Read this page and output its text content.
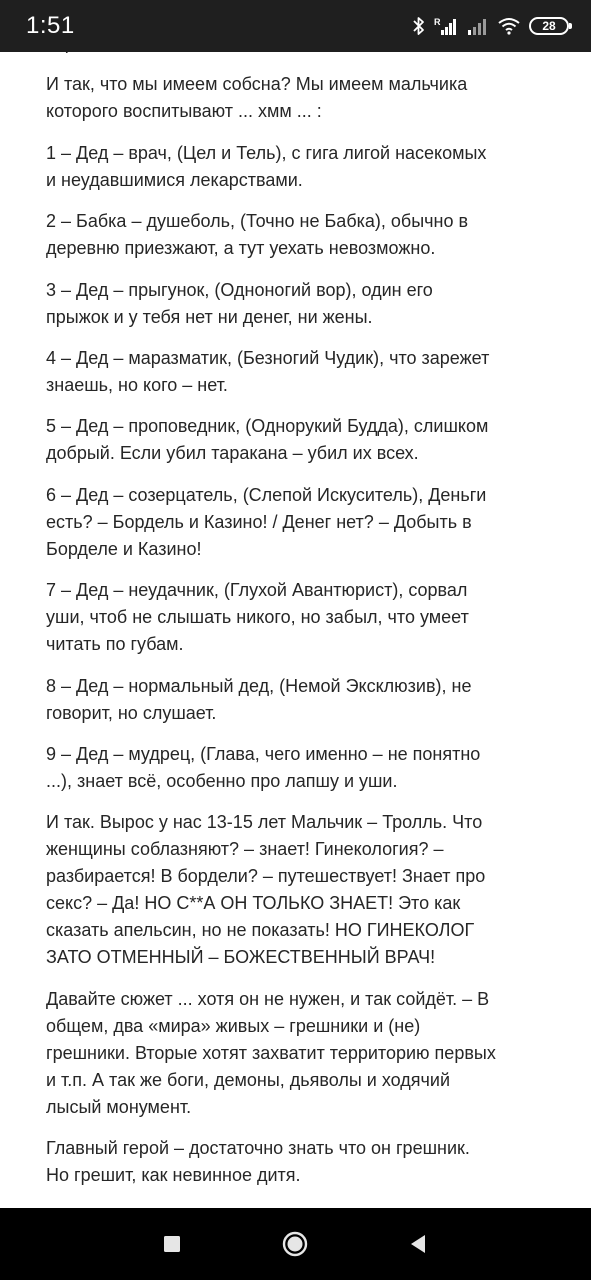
1:51	R	28

И так, что мы имеем собсна? Мы имеем мальчика
которого воспитывают ... хмм ... :

1 – Дед – врач, (Цел и Тель), с гига лигой насекомых
и неудавшимися лекарствами.

2 – Бабка – душеболь, (Точно не Бабка), обычно в
деревню приезжают, а тут уехать невозможно.

3 – Дед – прыгунок, (Одноногий вор), один его
прыжок и у тебя нет ни денег, ни жены.

4 – Дед – маразматик, (Безногий Чудик), что зарежет
знаешь, но кого – нет.

5 – Дед – проповедник, (Однорукий Будда), слишком
добрый. Если убил таракана – убил их всех.

6 – Дед – созерцатель, (Слепой Искуситель), Деньги
есть? – Бордель и Казино! / Денег нет? – Добыть в
Борделе и Казино!

7 – Дед – неудачник, (Глухой Авантюрист), сорвал
уши, чтоб не слышать никого, но забыл, что умеет
читать по губам.

8 – Дед – нормальный дед, (Немой Эксклюзив), не
говорит, но слушает.

9 – Дед – мудрец, (Глава, чего именно – не понятно
...), знает всё, особенно про лапшу и уши.

И так. Вырос у нас 13-15 лет Мальчик – Тролль. Что
женщины соблазняют? – знает! Гинекология? –
разбирается! В бордели? – путешествует! Знает про
секс? – Да! НО С**А ОН ТОЛЬКО ЗНАЕТ! Это как
сказать апельсин, но не показать! НО ГИНЕКОЛОГ
ЗАТО ОТМЕННЫЙ – БОЖЕСТВЕННЫЙ ВРАЧ!

Давайте сюжет ... хотя он не нужен, и так сойдёт. – В
общем, два «мира» живых – грешники и (не)
грешники. Вторые хотят захватит территорию первых
и т.п. А так же боги, демоны, дьяволы и ходячий
лысый монумент.

Главный герой – достаточно знать что он грешник.
Но грешит, как невинное дитя.
